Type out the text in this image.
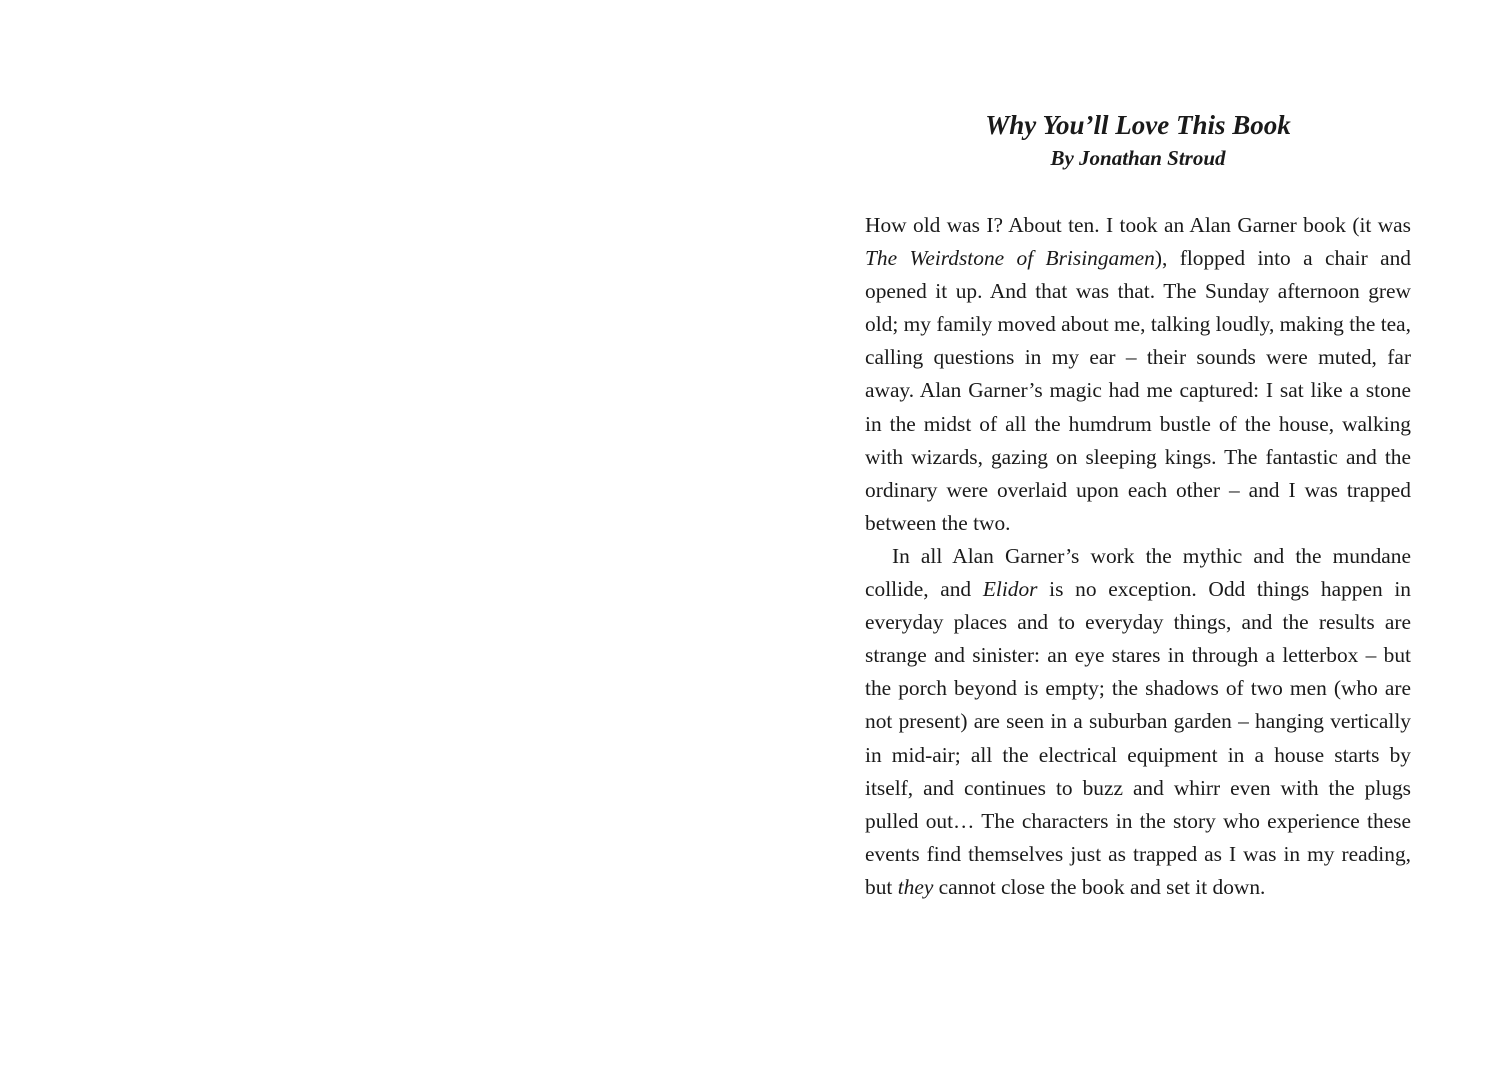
Why You’ll Love This Book
By Jonathan Stroud

How old was I? About ten. I took an Alan Garner book (it was The Weirdstone of Brisingamen), flopped into a chair and opened it up. And that was that. The Sunday afternoon grew old; my family moved about me, talking loudly, making the tea, calling questions in my ear – their sounds were muted, far away. Alan Garner’s magic had me captured: I sat like a stone in the midst of all the humdrum bustle of the house, walking with wizards, gazing on sleeping kings. The fantastic and the ordinary were overlaid upon each other – and I was trapped between the two.

In all Alan Garner’s work the mythic and the mundane collide, and Elidor is no exception. Odd things happen in everyday places and to everyday things, and the results are strange and sinister: an eye stares in through a letterbox – but the porch beyond is empty; the shadows of two men (who are not present) are seen in a suburban garden – hanging vertically in mid-air; all the electrical equipment in a house starts by itself, and continues to buzz and whirr even with the plugs pulled out… The characters in the story who experience these events find themselves just as trapped as I was in my reading, but they cannot close the book and set it down.
